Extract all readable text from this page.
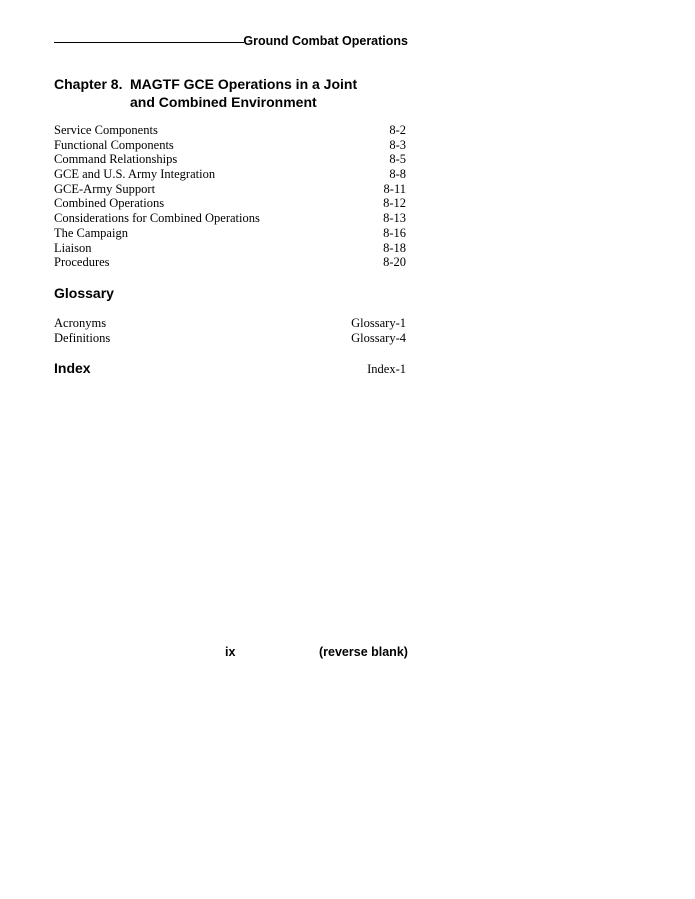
Ground Combat Operations
Chapter 8. MAGTF GCE Operations in a Joint
and Combined Environment
Service Components	8-2
Functional Components	8-3
Command Relationships	8-5
GCE and U.S. Army Integration	8-8
GCE-Army Support	8-11
Combined Operations	8-12
Considerations for Combined Operations	8-13
The Campaign	8-16
Liaison	8-18
Procedures	8-20
Glossary
Acronyms	Glossary-1
Definitions	Glossary-4
Index	Index-1
ix	(reverse blank)
